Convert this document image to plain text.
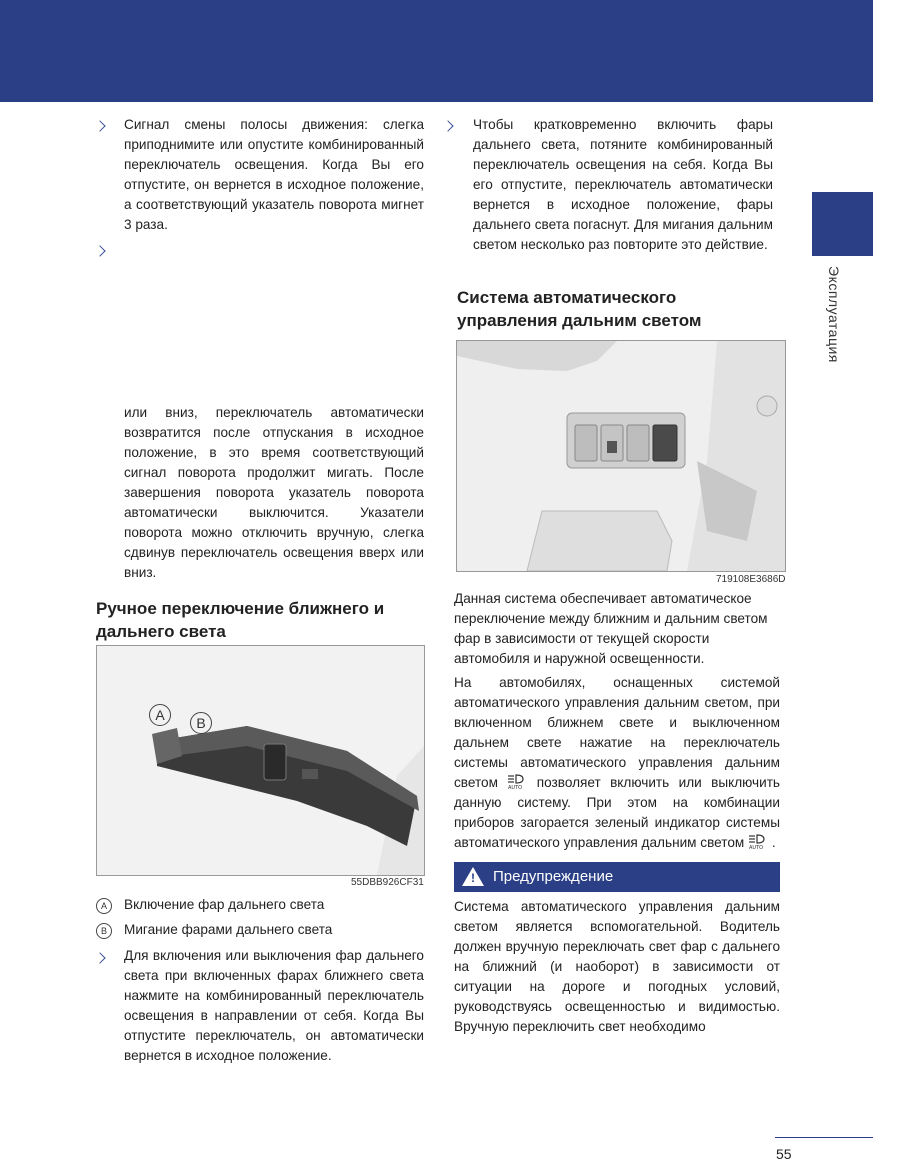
Эксплуатация
Сигнал смены полосы движения: слегка приподнимите или опустите комбинированный переключатель освещения. Когда Вы его отпустите, он вернется в исходное положение, а соответствующий указатель поворота мигнет 3 раза.
или вниз, переключатель автоматически возвратится после отпускания в исходное положение, в это время соответствующий сигнал поворота продолжит мигать. После завершения поворота указатель поворота автоматически выключится. Указатели поворота можно отключить вручную, слегка сдвинув переключатель освещения вверх или вниз.
Ручное переключение ближнего и дальнего света
A	B
55DBB926CF31
A	Включение фар дальнего света
B	Мигание фарами дальнего света
Для включения или выключения фар дальнего света при включенных фарах ближнего света нажмите на комбинированный переключатель освещения в направлении от себя. Когда Вы отпустите переключатель, он автоматически вернется в исходное положение.
Чтобы кратковременно включить фары дальнего света, потяните комбинированный переключатель освещения на себя. Когда Вы его отпустите, переключатель автоматически вернется в исходное положение, фары дальнего света погаснут. Для мигания дальним светом несколько раз повторите это действие.
Система автоматического управления дальним светом
719108E3686D
Данная система обеспечивает автоматическое переключение между ближним и дальним светом фар в зависимости от текущей скорости автомобиля и наружной освещенности.
На автомобилях, оснащенных системой автоматического управления дальним светом, при включенном ближнем свете и выключенном дальнем свете нажатие на переключатель системы автоматического управления дальним светом AUTO позволяет включить или выключить данную систему. При этом на комбинации приборов загорается зеленый индикатор системы автоматического управления дальним светом AUTO .
! Предупреждение
Система автоматического управления дальним светом является вспомогательной. Водитель должен вручную переключать свет фар с дальнего на ближний (и наоборот) в зависимости от ситуации на дороге и погодных условий, руководствуясь освещенностью и видимостью. Вручную переключить свет необходимо
55
